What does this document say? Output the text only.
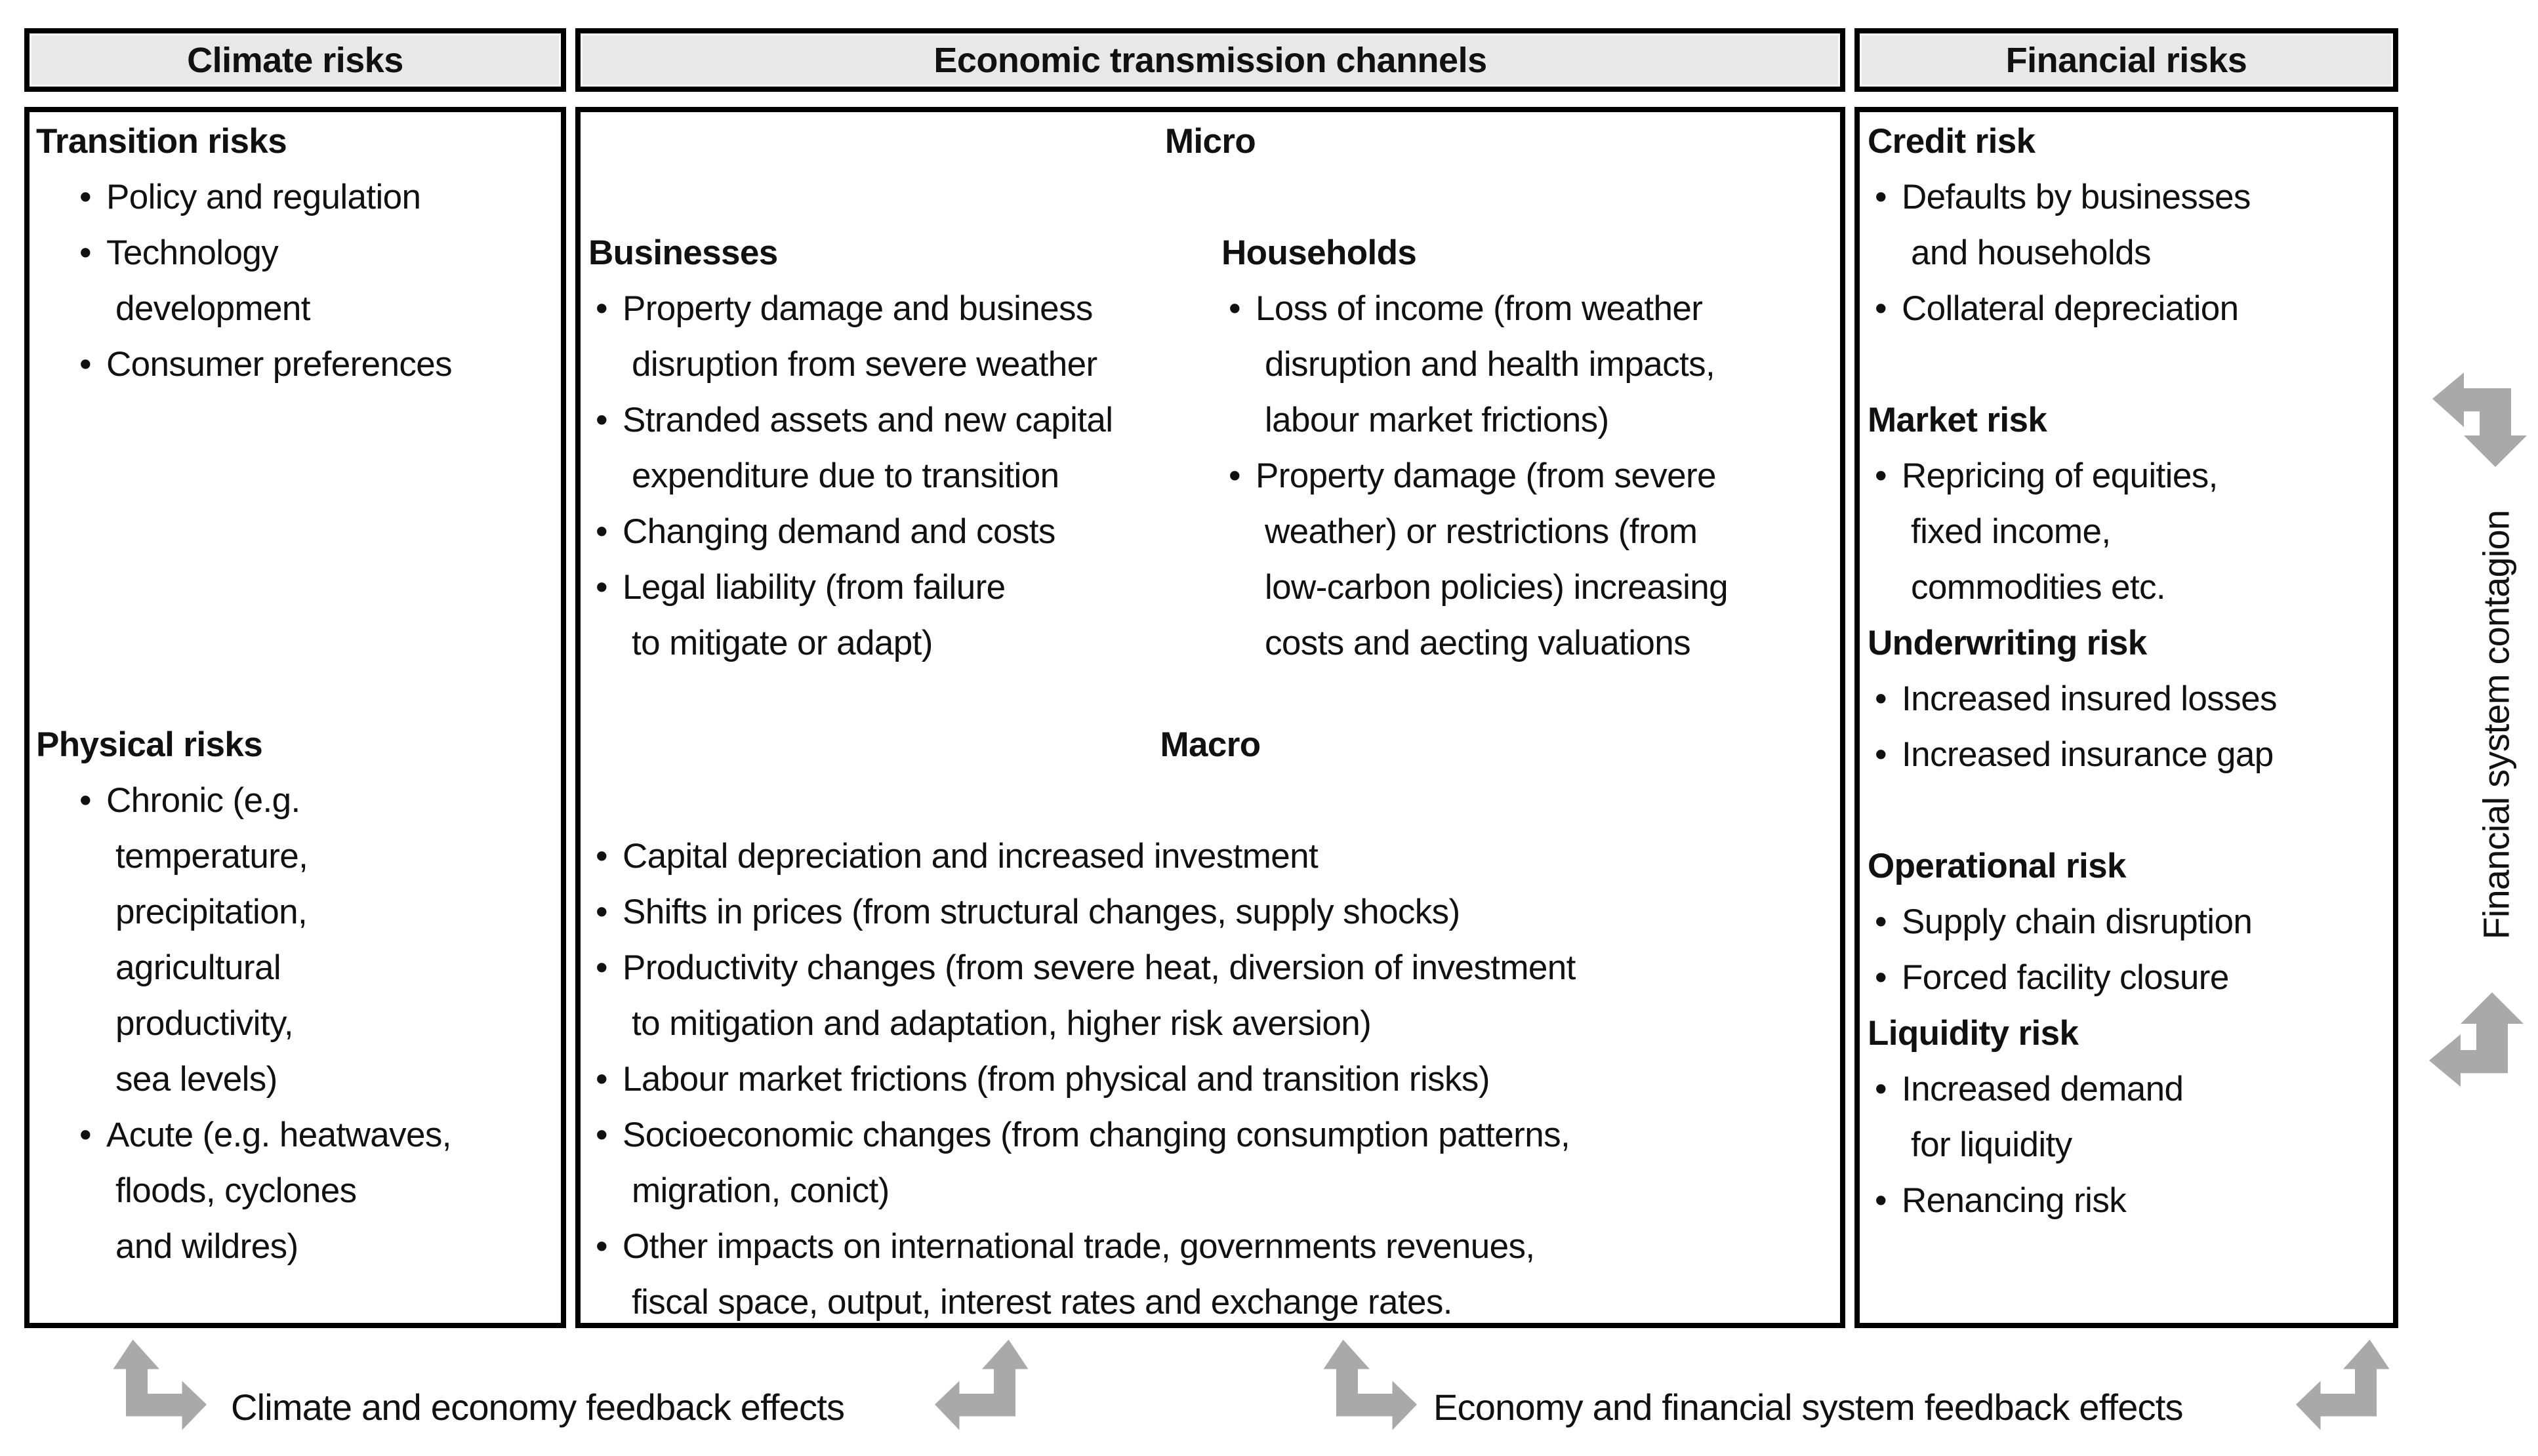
Climate risks	Economic transmission channels	Financial risks
Transition risks
• Policy and regulation
• Technology
development
• Consumer preferences
Physical risks
• Chronic (e.g.
temperature,
precipitation,
agricultural
productivity,
sea levels)
• Acute (e.g. heatwaves,
floods, cyclones
and wildres)
Micro
Businesses
• Property damage and business
disruption from severe weather
• Stranded assets and new capital
expenditure due to transition
• Changing demand and costs
• Legal liability (from failure
to mitigate or adapt)
Households
• Loss of income (from weather
disruption and health impacts,
labour market frictions)
• Property damage (from severe
weather) or restrictions (from
low-carbon policies) increasing
costs and aecting valuations
Macro
• Capital depreciation and increased investment
• Shifts in prices (from structural changes, supply shocks)
• Productivity changes (from severe heat, diversion of investment
to mitigation and adaptation, higher risk aversion)
• Labour market frictions (from physical and transition risks)
• Socioeconomic changes (from changing consumption patterns,
migration, conict)
• Other impacts on international trade, governments revenues,
fiscal space, output, interest rates and exchange rates.
Credit risk
• Defaults by businesses
and households
• Collateral depreciation
Market risk
• Repricing of equities,
fixed income,
commodities etc.
Underwriting risk
• Increased insured losses
• Increased insurance gap
Operational risk
• Supply chain disruption
• Forced facility closure
Liquidity risk
• Increased demand
for liquidity
• Renancing risk
Financial system contagion
Climate and economy feedback effects	Economy and financial system feedback effects
